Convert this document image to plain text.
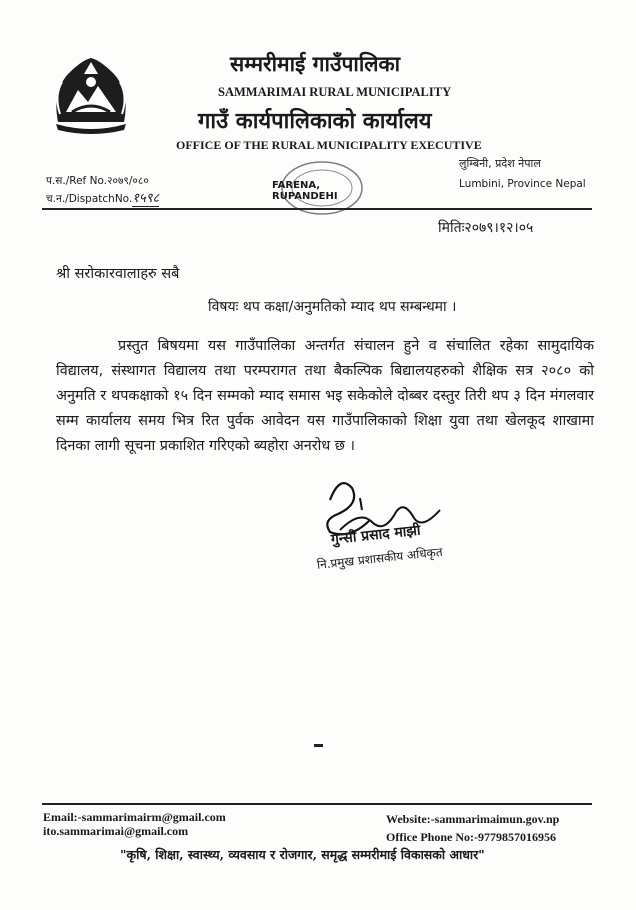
सम्मरीमाई गाउँपालिका
SAMMARIMAI RURAL MUNICIPALITY
गाउँ कार्यपालिकाको कार्यालय
OFFICE OF THE RURAL MUNICIPALITY EXECUTIVE
प.स./Ref No.२०७९/०८०
च.न./DispatchNo.१५९८
लुम्बिनी, प्रदेश नेपाल
Lumbini, Province Nepal
FARENA, RUPANDEHI
मितिः२०७९।१२।०५
श्री सरोकारवालाहरु सबै
विषयः थप कक्षा/अनुमतिको म्याद थप सम्बन्धमा ।

प्रस्तुत बिषयमा यस गाउँपालिका अन्तर्गत संचालन हुने व संचालित रहेका सामुदायिक विद्यालय, संस्थागत विद्यालय तथा परम्परागत तथा बैकल्पिक बिद्यालयहरुको शैक्षिक सत्र २०८० को अनुमति र थपकक्षाको १५ दिन सम्मको म्याद समास भइ सकेकोले दोब्बर दस्तुर तिरी थप ३ दिन मंगलवार सम्म कार्यालय समय भित्र रित पुर्वक आवेदन यस गाउँपालिकाको शिक्षा युवा तथा खेलकूद शाखामा दिनका लागी सूचना प्रकाशित गरिएको ब्यहोरा अनरोध छ ।

गुन्सी प्रसाद माझी
नि.प्रमुख प्रशासकीय अधिकृत
Email:-sammarimairm@gmail.com
ito.sammarimai@gmail.com
Website:-sammarimaimun.gov.np
Office Phone No:-9779857016956
"कृषि, शिक्षा, स्वास्थ्य, व्यवसाय र रोजगार, समृद्ध सम्मरीमाई विकासको आधार"
